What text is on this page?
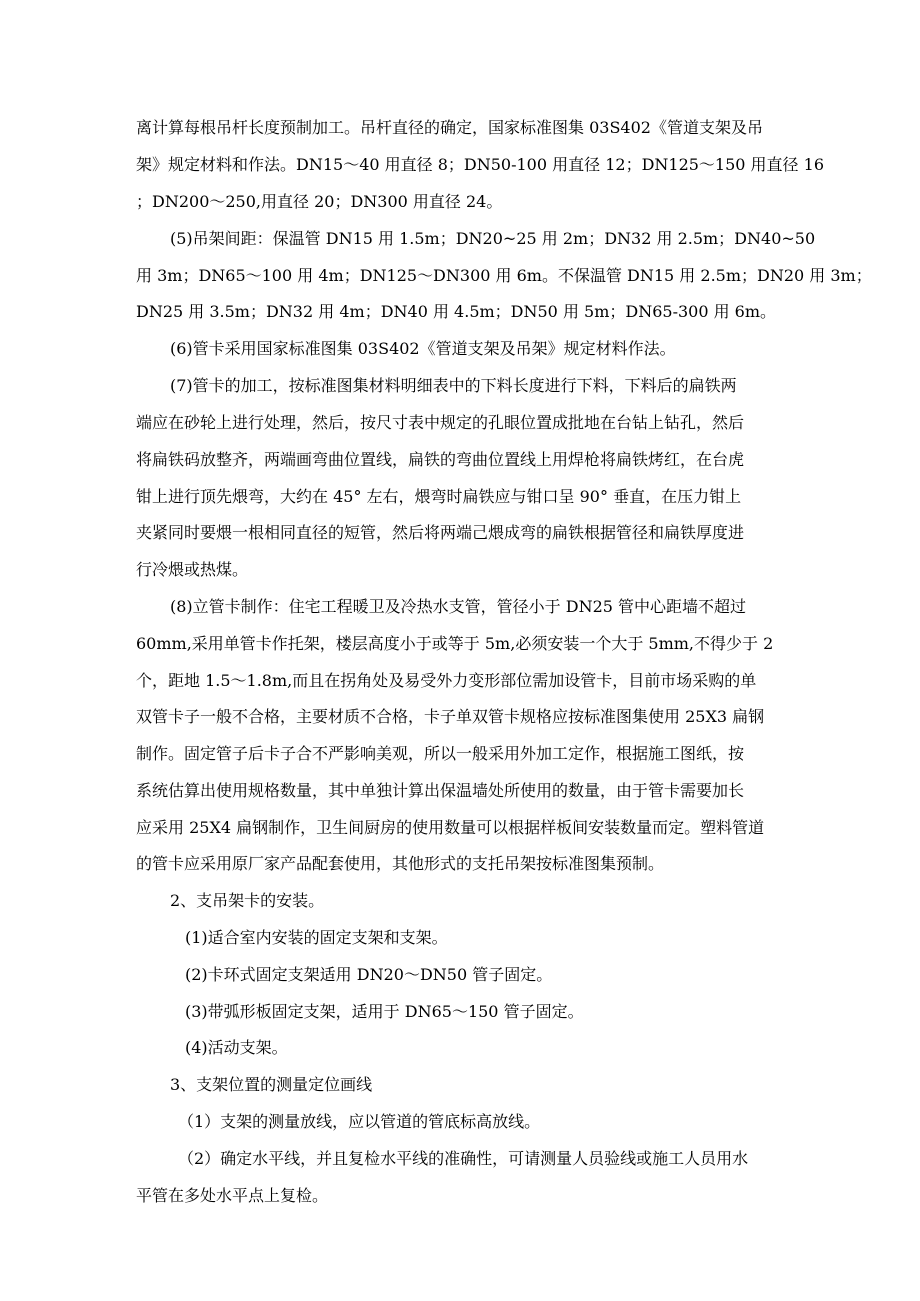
离计算每根吊杆长度预制加工。吊杆直径的确定，国家标准图集 03S402《管道支架及吊
架》规定材料和作法。DN15～40 用直径 8；DN50-100 用直径 12；DN125～150 用直径 16
；DN200～250,用直径 20；DN300 用直径 24。
(5)吊架间距：保温管 DN15 用 1.5m；DN20~25 用 2m；DN32 用 2.5m；DN40~50
用 3m；DN65～100 用 4m；DN125～DN300 用 6m。不保温管 DN15 用 2.5m；DN20 用 3m；
DN25 用 3.5m；DN32 用 4m；DN40 用 4.5m；DN50 用 5m；DN65-300 用 6m。
(6)管卡采用国家标准图集 03S402《管道支架及吊架》规定材料作法。
(7)管卡的加工，按标准图集材料明细表中的下料长度进行下料，下料后的扁铁两
端应在砂轮上进行处理，然后，按尺寸表中规定的孔眼位置成批地在台钻上钻孔，然后
将扁铁码放整齐，两端画弯曲位置线，扁铁的弯曲位置线上用焊枪将扁铁烤红，在台虎
钳上进行顶先煨弯，大约在 45° 左右，煨弯时扁铁应与钳口呈 90° 垂直，在压力钳上
夹紧同时要煨一根相同直径的短管，然后将两端己煨成弯的扁铁根据管径和扁铁厚度进
行冷煨或热煤。
(8)立管卡制作：住宅工程暖卫及冷热水支管，管径小于 DN25 管中心距墙不超过
60mm,采用单管卡作托架，楼层高度小于或等于 5m,必须安装一个大于 5mm,不得少于 2
个，距地 1.5～1.8m,而且在拐角处及易受外力变形部位需加设管卡，目前市场采购的单
双管卡子一般不合格，主要材质不合格，卡子单双管卡规格应按标准图集使用 25X3 扁钢
制作。固定管子后卡子合不严影响美观，所以一般采用外加工定作，根据施工图纸，按
系统估算出使用规格数量，其中单独计算出保温墙处所使用的数量，由于管卡需要加长
应采用 25X4 扁钢制作，卫生间厨房的使用数量可以根据样板间安装数量而定。塑料管道
的管卡应采用原厂家产品配套使用，其他形式的支托吊架按标准图集预制。
2、支吊架卡的安装。
(1)适合室内安装的固定支架和支架。
(2)卡环式固定支架适用 DN20～DN50 管子固定。
(3)带弧形板固定支架，适用于 DN65～150 管子固定。
(4)活动支架。
3、支架位置的测量定位画线
（1）支架的测量放线，应以管道的管底标高放线。
（2）确定水平线，并且复检水平线的准确性，可请测量人员验线或施工人员用水
平管在多处水平点上复检。
